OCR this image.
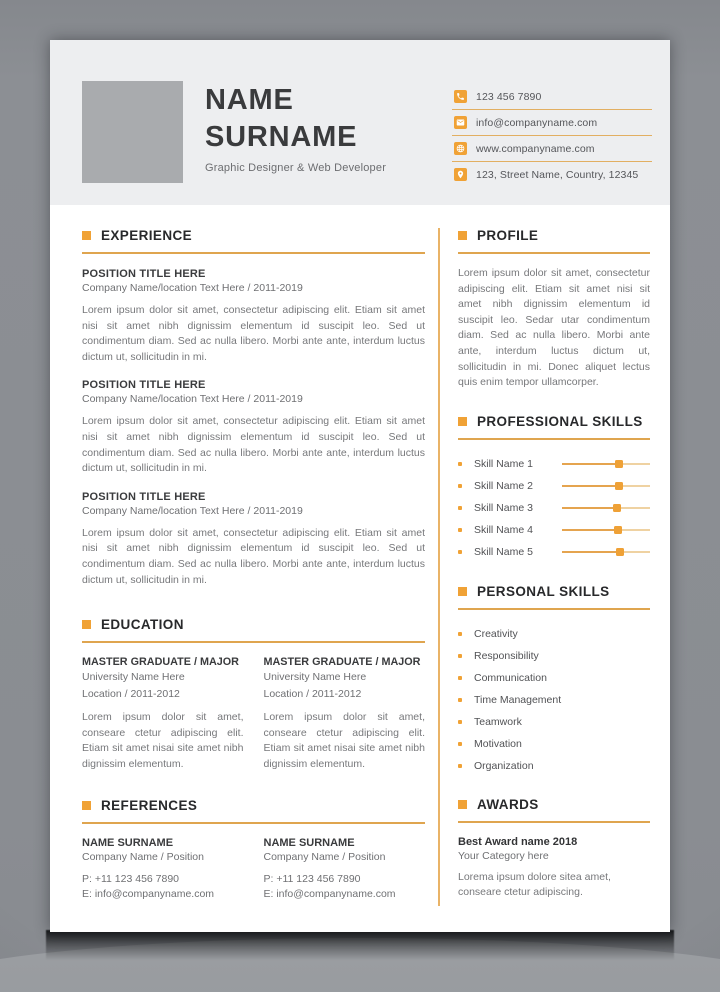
NAME
SURNAME
Graphic Designer & Web Developer
123 456 7890
info@companyname.com
www.companyname.com
123, Street Name, Country, 12345
EXPERIENCE
POSITION TITLE HERE
Company Name/location Text Here / 2011-2019
Lorem ipsum dolor sit amet, consectetur adipiscing elit. Etiam sit amet nisi sit amet nibh dignissim elementum id suscipit leo. Sed ut condimentum diam. Sed ac nulla libero. Morbi ante ante, interdum luctus dictum ut, sollicitudin in mi.
POSITION TITLE HERE
Company Name/location Text Here / 2011-2019
Lorem ipsum dolor sit amet, consectetur adipiscing elit. Etiam sit amet nisi sit amet nibh dignissim elementum id suscipit leo. Sed ut condimentum diam. Sed ac nulla libero. Morbi ante ante, interdum luctus dictum ut, sollicitudin in mi.
POSITION TITLE HERE
Company Name/location Text Here / 2011-2019
Lorem ipsum dolor sit amet, consectetur adipiscing elit. Etiam sit amet nisi sit amet nibh dignissim elementum id suscipit leo. Sed ut condimentum diam. Sed ac nulla libero. Morbi ante ante, interdum luctus dictum ut, sollicitudin in mi.
EDUCATION
MASTER GRADUATE / MAJOR
University Name Here
Location / 2011-2012
Lorem ipsum dolor sit amet, conseare ctetur adipiscing elit. Etiam sit amet nisai site amet nibh dignissim elementum.
MASTER GRADUATE / MAJOR
University Name Here
Location / 2011-2012
Lorem ipsum dolor sit amet, conseare ctetur adipiscing elit. Etiam sit amet nisai site amet nibh dignissim elementum.
REFERENCES
NAME SURNAME
Company Name / Position
P: +11 123 456 7890
E: info@companyname.com
NAME SURNAME
Company Name / Position
P: +11 123 456 7890
E: info@companyname.com
PROFILE
Lorem ipsum dolor sit amet, consectetur adipiscing elit. Etiam sit amet nisi sit amet nibh dignissim elementum id suscipit leo. Sedar utar condimentum diam. Sed ac nulla libero. Morbi ante ante, interdum luctus dictum ut, sollicitudin in mi. Donec aliquet lectus quis enim tempor ullamcorper.
PROFESSIONAL SKILLS
Skill Name 1
Skill Name 2
Skill Name 3
Skill Name 4
Skill Name 5
PERSONAL SKILLS
Creativity
Responsibility
Communication
Time Management
Teamwork
Motivation
Organization
AWARDS
Best Award name 2018
Your Category here
Lorema ipsum dolore sitea amet, conseare ctetur adipiscing.
